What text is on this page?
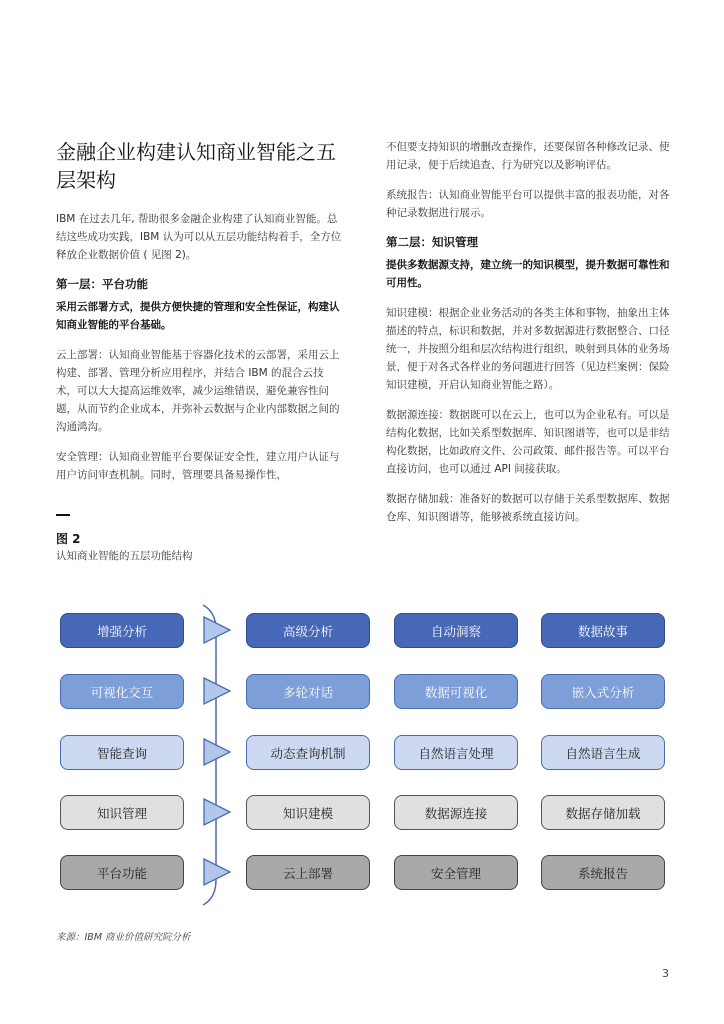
金融企业构建认知商业智能之五层架构

IBM 在过去几年, 帮助很多金融企业构建了认知商业智能。总结这些成功实践，IBM 认为可以从五层功能结构着手，全方位释放企业数据价值 ( 见图 2)。

第一层：平台功能
采用云部署方式，提供方便快捷的管理和安全性保证，构建认知商业智能的平台基础。

云上部署：认知商业智能基于容器化技术的云部署，采用云上 构建、部署、管理分析应用程序，并结合 IBM 的混合云技术，可以大大提高运维效率，减少运维错误，避免兼容性问题，从而节约企业成本，并弥补云数据与企业内部数据之间的沟通鸿沟。

安全管理：认知商业智能平台要保证安全性，建立用户认证与用户访问审查机制。同时，管理要具备易操作性，

不但要支持知识的增删改查操作，还要保留各种修改记录、使用记录，便于后续追查、行为研究以及影响评估。

系统报告：认知商业智能平台可以提供丰富的报表功能，对各种记录数据进行展示。

第二层：知识管理
提供多数据源支持，建立统一的知识模型，提升数据可靠性和可用性。

知识建模：根据企业业务活动的各类主体和事物，抽象出主体描述的特点，标识和数据，并对多数据源进行数据整合、口径统一，并按照分组和层次结构进行组织，映射到具体的业务场景，便于对各式各样业的务问题进行回答（见边栏案例：保险知识建模，开启认知商业智能之路）。

数据源连接：数据既可以在云上，也可以为企业私有。可以是结构化数据，比如关系型数据库、知识图谱等，也可以是非结构化数据，比如政府文件、公司政策、邮件报告等。可以平台直接访问，也可以通过 API 间接获取。

数据存储加载：准备好的数据可以存储于关系型数据库、数据仓库、知识图谱等，能够被系统直接访问。

图 2
认知商业智能的五层功能结构
增强分析	高级分析	自动洞察	数据故事
可视化交互	多轮对话	数据可视化	嵌入式分析
智能查询	动态查询机制	自然语言处理	自然语言生成
知识管理	知识建模	数据源连接	数据存储加载
平台功能	云上部署	安全管理	系统报告
来源：IBM 商业价值研究院分析
3
